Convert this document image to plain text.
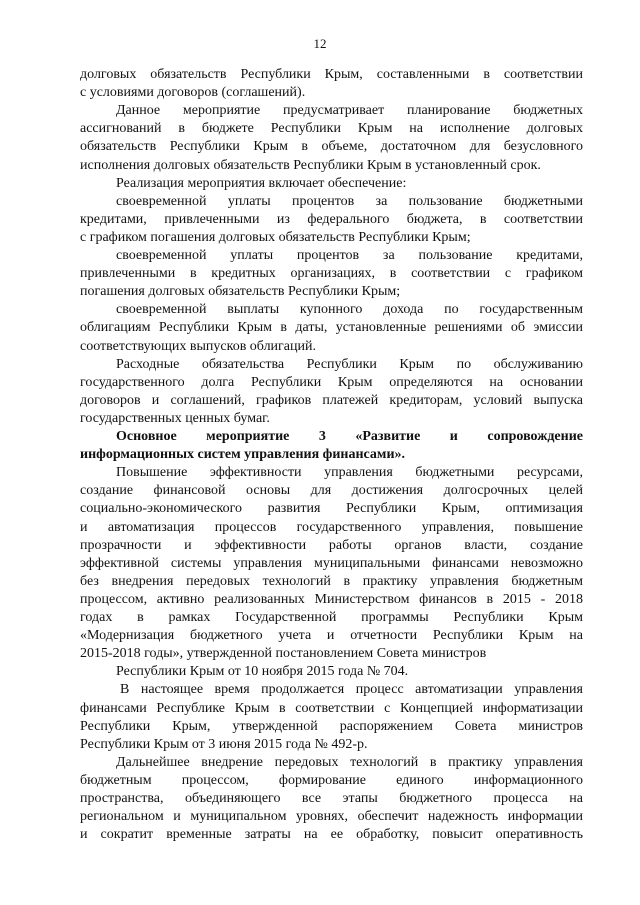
12
долговых обязательств Республики Крым, составленными в соответствии
с условиями договоров (соглашений).
Данное мероприятие предусматривает планирование бюджетных
ассигнований в бюджете Республики Крым на исполнение долговых
обязательств Республики Крым в объеме, достаточном для безусловного
исполнения долговых обязательств Республики Крым в установленный срок.
Реализация мероприятия включает обеспечение:
своевременной уплаты процентов за пользование бюджетными
кредитами, привлеченными из федерального бюджета, в соответствии
с графиком погашения долговых обязательств Республики Крым;
своевременной уплаты процентов за пользование кредитами,
привлеченными в кредитных организациях, в соответствии с графиком
погашения долговых обязательств Республики Крым;
своевременной выплаты купонного дохода по государственным
облигациям Республики Крым в даты, установленные решениями об эмиссии
соответствующих выпусков облигаций.
Расходные обязательства Республики Крым по обслуживанию
государственного долга Республики Крым определяются на основании
договоров и соглашений, графиков платежей кредиторам, условий выпуска
государственных ценных бумаг.
Основное мероприятие 3 «Развитие и сопровождение
информационных систем управления финансами».
Повышение эффективности управления бюджетными ресурсами,
создание финансовой основы для достижения долгосрочных целей
социально-экономического развития Республики Крым, оптимизация
и автоматизация процессов государственного управления, повышение
прозрачности и эффективности работы органов власти, создание
эффективной системы управления муниципальными финансами невозможно
без внедрения передовых технологий в практику управления бюджетным
процессом, активно реализованных Министерством финансов в 2015 - 2018
годах в рамках Государственной программы Республики Крым
«Модернизация бюджетного учета и отчетности Республики Крым на
2015-2018 годы», утвержденной постановлением Совета министров
Республики Крым от 10 ноября 2015 года № 704.
В настоящее время продолжается процесс автоматизации управления
финансами Республике Крым в соответствии с Концепцией информатизации
Республики Крым, утвержденной распоряжением Совета министров
Республики Крым от 3 июня 2015 года № 492-р.
Дальнейшее внедрение передовых технологий в практику управления
бюджетным процессом, формирование единого информационного
пространства, объединяющего все этапы бюджетного процесса на
региональном и муниципальном уровнях, обеспечит надежность информации
и сократит временные затраты на ее обработку, повысит оперативность
